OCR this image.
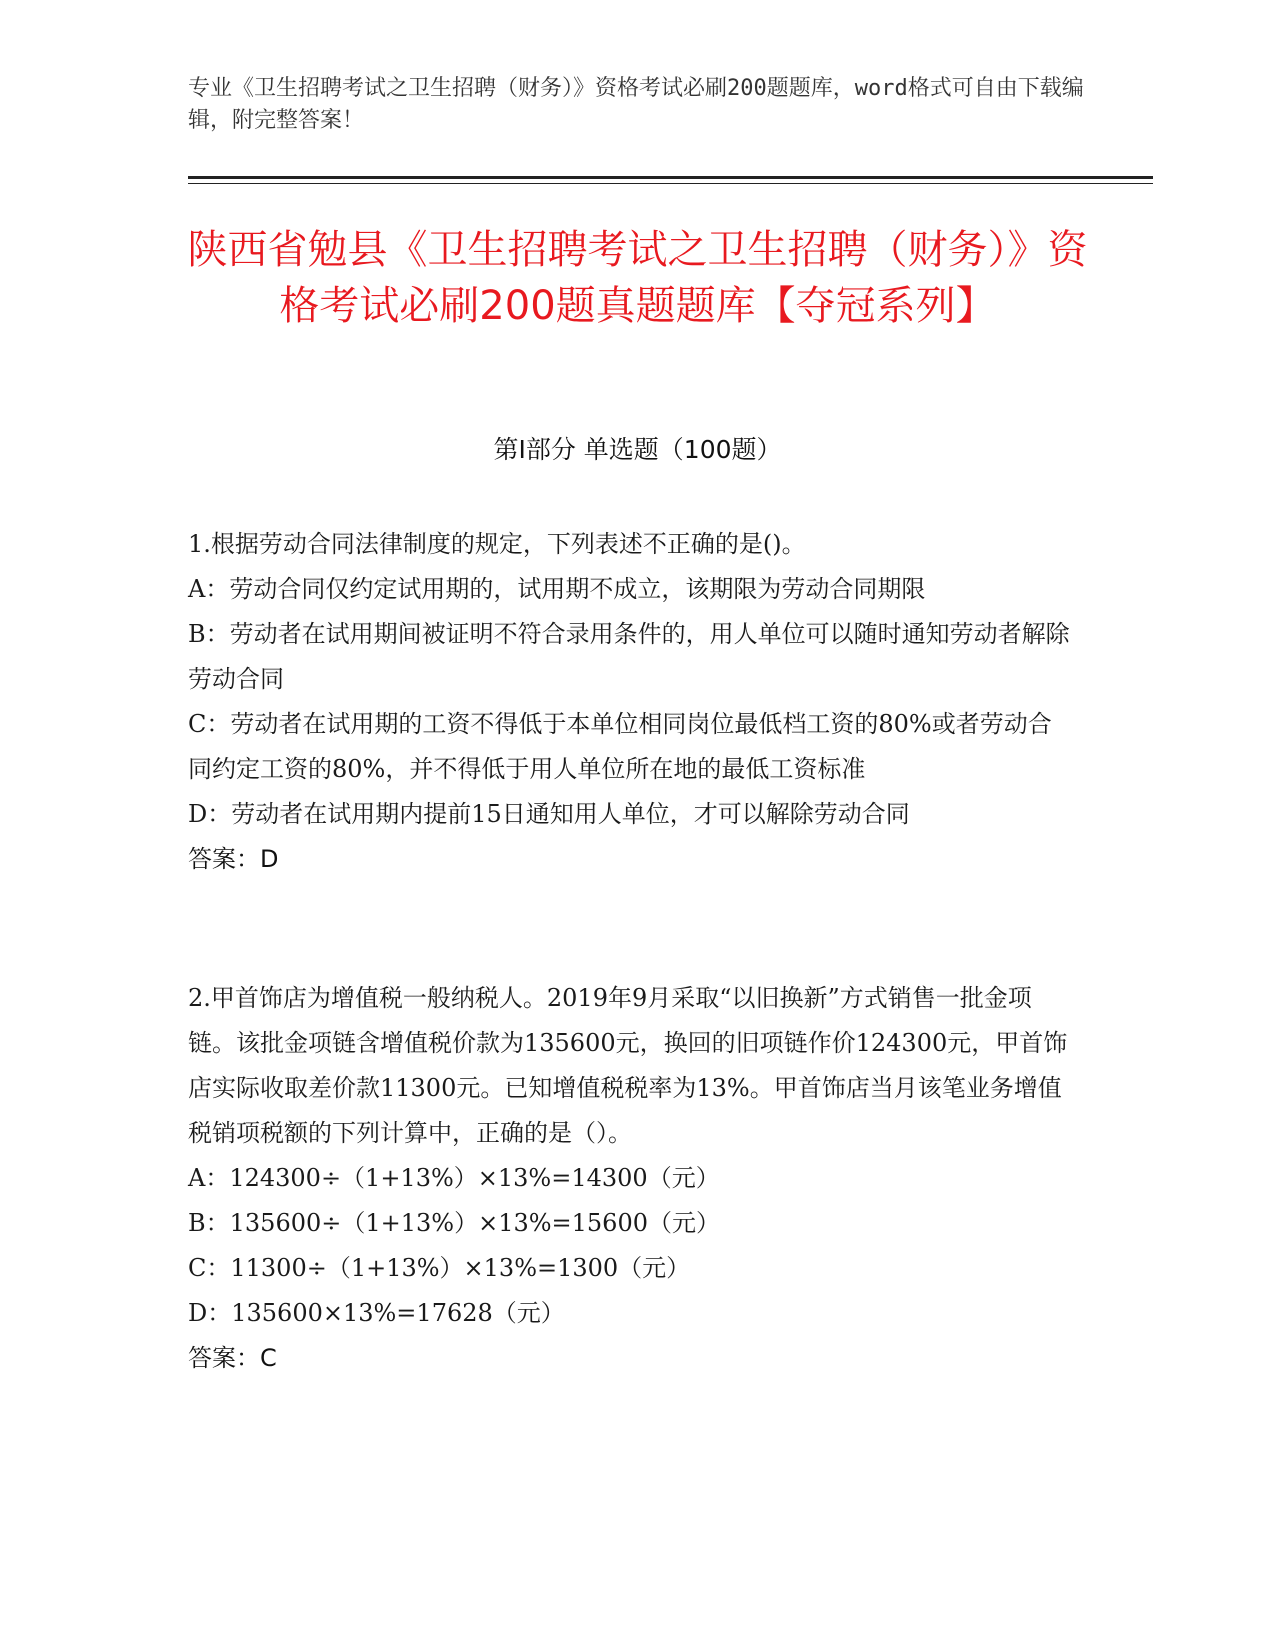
专业《卫生招聘考试之卫生招聘（财务）》资格考试必刷200题题库，word格式可自由下载编辑，附完整答案！
陕西省勉县《卫生招聘考试之卫生招聘（财务）》资格考试必刷200题真题题库【夺冠系列】
第I部分 单选题（100题）

1.根据劳动合同法律制度的规定，下列表述不正确的是()。

A：劳动合同仅约定试用期的，试用期不成立，该期限为劳动合同期限

B：劳动者在试用期间被证明不符合录用条件的，用人单位可以随时通知劳动者解除劳动合同

C：劳动者在试用期的工资不得低于本单位相同岗位最低档工资的80%或者劳动合同约定工资的80%，并不得低于用人单位所在地的最低工资标准

D：劳动者在试用期内提前15日通知用人单位，才可以解除劳动合同

答案：D

2.甲首饰店为增值税一般纳税人。2019年9月采取“以旧换新”方式销售一批金项链。该批金项链含增值税价款为135600元，换回的旧项链作价124300元，甲首饰店实际收取差价款11300元。已知增值税税率为13%。甲首饰店当月该笔业务增值税销项税额的下列计算中，正确的是（）。

A：124300÷（1+13%）×13%=14300（元）

B：135600÷（1+13%）×13%=15600（元）

C：11300÷（1+13%）×13%=1300（元）

D：135600×13%=17628（元）

答案：C
